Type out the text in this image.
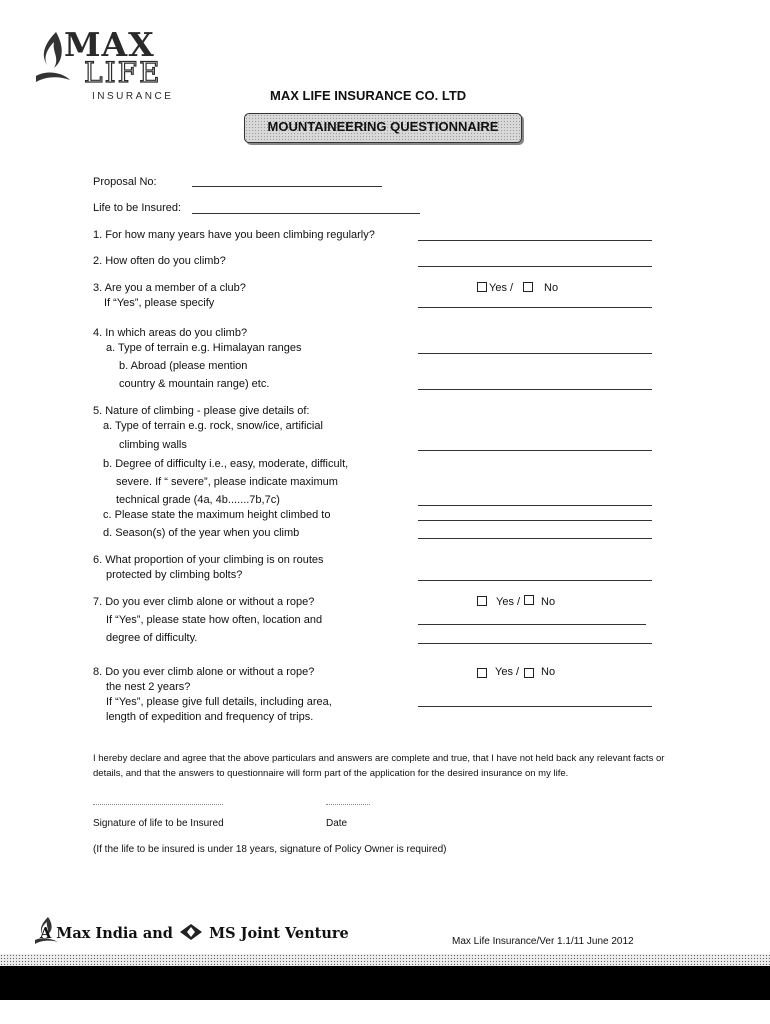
MAX
LIFE
INSURANCE	MAX LIFE INSURANCE CO. LTD
MOUNTAINEERING QUESTIONNAIRE
Proposal No:
Life to be Insured:
1. For how many years have you been climbing regularly?
2. How often do you climb?
3. Are you a member of a club?	Yes /	No
If “Yes”, please specify
4. In which areas do you climb?
a. Type of terrain e.g. Himalayan ranges
b. Abroad (please mention
country & mountain range) etc.
5. Nature of climbing - please give details of:
a. Type of terrain e.g. rock, snow/ice, artificial
climbing walls
b. Degree of difficulty i.e., easy, moderate, difficult,
severe. If “ severe”, please indicate maximum
technical grade (4a, 4b.......7b,7c)
c. Please state the maximum height climbed to
d. Season(s) of the year when you climb
6. What proportion of your climbing is on routes
protected by climbing bolts?
7. Do you ever climb alone or without a rope?	Yes / No
If “Yes”, please state how often, location and
degree of difficulty.
8. Do you ever climb alone or without a rope?	Yes / No
the nest 2 years?
If “Yes”, please give full details, including area,
length of expedition and frequency of trips.
I hereby declare and agree that the above particulars and answers are complete and true, that I have not held back any relevant facts or details, and that the answers to questionnaire will form part of the application for the desired insurance on my life.
Signature of life to be Insured	Date
(If the life to be insured is under 18 years, signature of Policy Owner is required)
A Max India and MS Joint Venture	Max Life Insurance/Ver 1.1/11 June 2012
